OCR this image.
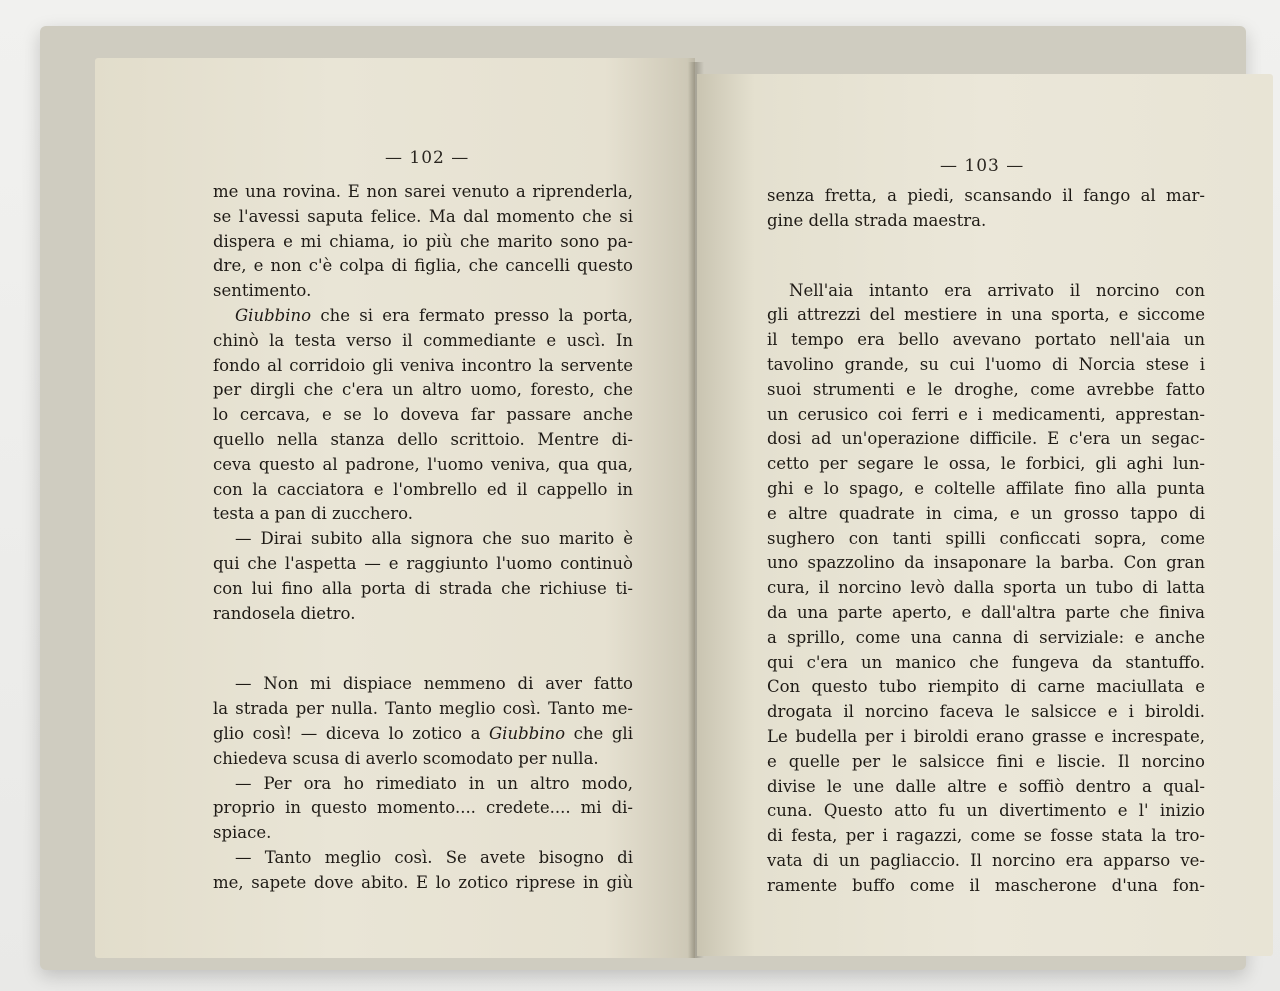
— 102 —
me una rovina. E non sarei venuto a riprenderla,
se l'avessi saputa felice. Ma dal momento che si
dispera e mi chiama, io più che marito sono pa-
dre, e non c'è colpa di figlia, che cancelli questo
sentimento.
Giubbino che si era fermato presso la porta,
chinò la testa verso il commediante e uscì. In
fondo al corridoio gli veniva incontro la servente
per dirgli che c'era un altro uomo, foresto, che
lo cercava, e se lo doveva far passare anche
quello nella stanza dello scrittoio. Mentre di-
ceva questo al padrone, l'uomo veniva, qua qua,
con la cacciatora e l'ombrello ed il cappello in
testa a pan di zucchero.
— Dirai subito alla signora che suo marito è
qui che l'aspetta — e raggiunto l'uomo continuò
con lui fino alla porta di strada che richiuse ti-
randosela dietro.
— Non mi dispiace nemmeno di aver fatto
la strada per nulla. Tanto meglio così. Tanto me-
glio così! — diceva lo zotico a Giubbino che gli
chiedeva scusa di averlo scomodato per nulla.
— Per ora ho rimediato in un altro modo,
proprio in questo momento.... credete.... mi di-
spiace.
— Tanto meglio così. Se avete bisogno di
me, sapete dove abito. E lo zotico riprese in giù
— 103 —
senza fretta, a piedi, scansando il fango al mar-
gine della strada maestra.
Nell'aia intanto era arrivato il norcino con
gli attrezzi del mestiere in una sporta, e siccome
il tempo era bello avevano portato nell'aia un
tavolino grande, su cui l'uomo di Norcia stese i
suoi strumenti e le droghe, come avrebbe fatto
un cerusico coi ferri e i medicamenti, apprestan-
dosi ad un'operazione difficile. E c'era un segac-
cetto per segare le ossa, le forbici, gli aghi lun-
ghi e lo spago, e coltelle affilate fino alla punta
e altre quadrate in cima, e un grosso tappo di
sughero con tanti spilli conficcati sopra, come
uno spazzolino da insaponare la barba. Con gran
cura, il norcino levò dalla sporta un tubo di latta
da una parte aperto, e dall'altra parte che finiva
a sprillo, come una canna di serviziale: e anche
qui c'era un manico che fungeva da stantuffo.
Con questo tubo riempito di carne maciullata e
drogata il norcino faceva le salsicce e i biroldi.
Le budella per i biroldi erano grasse e increspate,
e quelle per le salsicce fini e liscie. Il norcino
divise le une dalle altre e soffiò dentro a qual-
cuna. Questo atto fu un divertimento e l' inizio
di festa, per i ragazzi, come se fosse stata la tro-
vata di un pagliaccio. Il norcino era apparso ve-
ramente buffo come il mascherone d'una fon-
